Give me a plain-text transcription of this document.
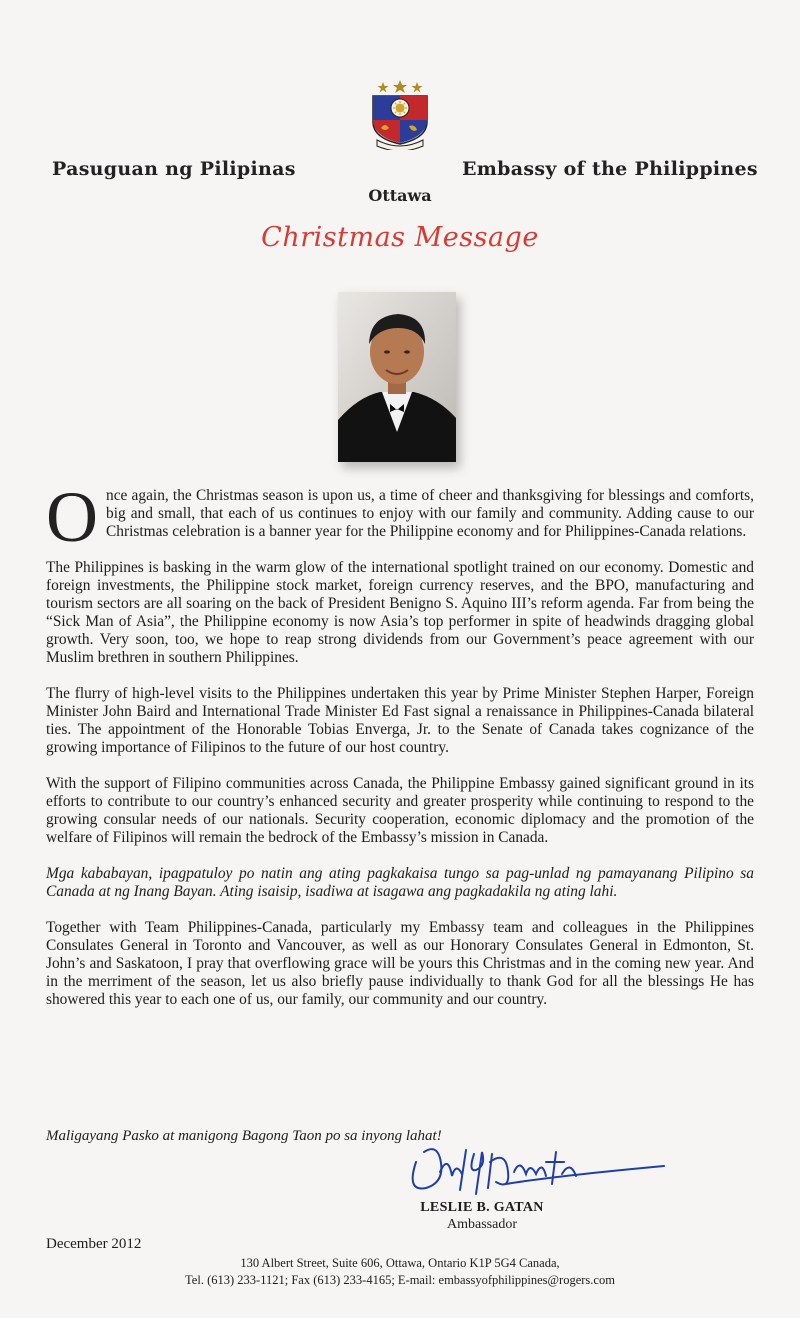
Pasuguan ng Pilipinas	Embassy of the Philippines
Ottawa
Christmas Message

Once again, the Christmas season is upon us, a time of cheer and thanksgiving for blessings and comforts, big and small, that each of us continues to enjoy with our family and community. Adding cause to our Christmas celebration is a banner year for the Philippine economy and for Philippines-Canada relations.

The Philippines is basking in the warm glow of the international spotlight trained on our economy. Domestic and foreign investments, the Philippine stock market, foreign currency reserves, and the BPO, manufacturing and tourism sectors are all soaring on the back of President Benigno S. Aquino III’s reform agenda. Far from being the “Sick Man of Asia”, the Philippine economy is now Asia’s top performer in spite of headwinds dragging global growth. Very soon, too, we hope to reap strong dividends from our Government’s peace agreement with our Muslim brethren in southern Philippines.

The flurry of high-level visits to the Philippines undertaken this year by Prime Minister Stephen Harper, Foreign Minister John Baird and International Trade Minister Ed Fast signal a renaissance in Philippines-Canada bilateral ties. The appointment of the Honorable Tobias Enverga, Jr. to the Senate of Canada takes cognizance of the growing importance of Filipinos to the future of our host country.

With the support of Filipino communities across Canada, the Philippine Embassy gained significant ground in its efforts to contribute to our country’s enhanced security and greater prosperity while continuing to respond to the growing consular needs of our nationals. Security cooperation, economic diplomacy and the promotion of the welfare of Filipinos will remain the bedrock of the Embassy’s mission in Canada.

Mga kababayan, ipagpatuloy po natin ang ating pagkakaisa tungo sa pag-unlad ng pamayanang Pilipino sa Canada at ng Inang Bayan. Ating isaisip, isadiwa at isagawa ang pagkadakila ng ating lahi.

Together with Team Philippines-Canada, particularly my Embassy team and colleagues in the Philippines Consulates General in Toronto and Vancouver, as well as our Honorary Consulates General in Edmonton, St. John’s and Saskatoon, I pray that overflowing grace will be yours this Christmas and in the coming new year. And in the merriment of the season, let us also briefly pause individually to thank God for all the blessings He has showered this year to each one of us, our family, our community and our country.

Maligayang Pasko at manigong Bagong Taon po sa inyong lahat!
LESLIE B. GATAN
Ambassador
December 2012
130 Albert Street, Suite 606, Ottawa, Ontario K1P 5G4 Canada,
Tel. (613) 233-1121; Fax (613) 233-4165; E-mail: embassyofphilippines@rogers.com
